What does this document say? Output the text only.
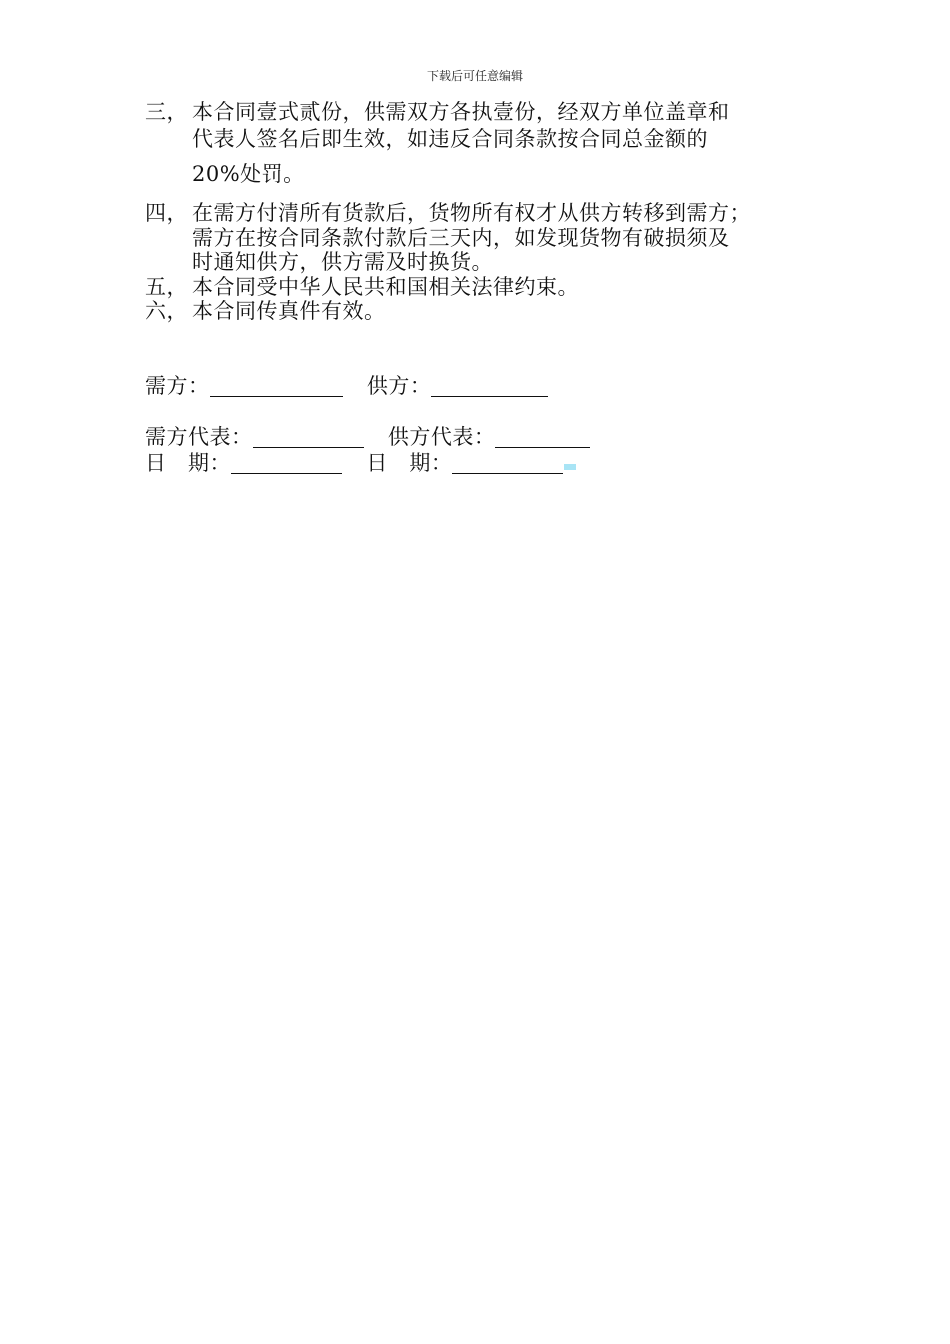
下载后可任意编辑
三， 本合同壹式贰份，供需双方各执壹份，经双方单位盖章和
代表人签名后即生效，如违反合同条款按合同总金额的
20%处罚。
四， 在需方付清所有货款后，货物所有权才从供方转移到需方；
需方在按合同条款付款后三天内，如发现货物有破损须及
时通知供方，供方需及时换货。
五， 本合同受中华人民共和国相关法律约束。
六， 本合同传真件有效。
需方：	供方：
需方代表：	供方代表：
日　期：	日　期：
